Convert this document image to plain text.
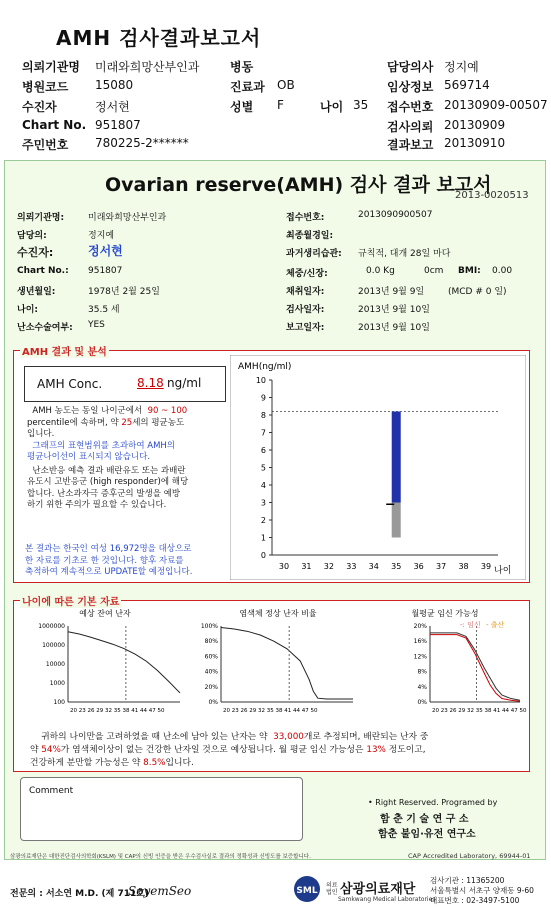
AMH 검사결과보고서
의뢰기관명 미래와희망산부인과	병동	담당의사 정지예
병원코드 15080	진료과 OB	임상정보 569714
수진자	정서현	성별 F	나이 35 접수번호 20130909-00507
Chart No. 951807	검사의뢰 20130909
주민번호 780225-2******	결과보고 20130910
Ovarian reserve(AMH) 검사 결과 보고서
2013-0020513
의뢰기관명:	미래와희망산부인과	접수번호:	2013090900507
담당의:	정지예	최종월경일:
수진자:	정서현	과거생리습관: 규칙적, 대개 28일 마다
Chart No.: 951807	체중/신장:	0.0 Kg	0cm BMI: 0.00
생년월일:	1978년 2월 25일	채취일자:	2013년 9월 9일	(MCD # 0 일)
나이:	35.5 세	검사일자:	2013년 9월 10일
난소수술여부: YES	보고일자:	2013년 9월 10일
AMH 결과 및 분석
AMH Conc.	8.18 ng/ml
AMH 농도는 동일 나이군에서 90 ~ 100
percentile에 속하며, 약 25세의 평균농도
입니다.
그래프의 표현범위를 초과하여 AMH의
평균나이선이 표시되지 않습니다.
난소반응 예측 결과 배란유도 또는 과배란
유도시 고반응군 (high responder)에 해당
합니다. 난소과자극 증후군의 발생을 예방
하기 위한 주의가 필요할 수 있습니다.
본 결과는 한국인 여성 16,972명을 대상으로
한 자료를 기초로 한 것입니다. 향후 자료를
축적하여 계속적으로 UPDATE할 예정입니다.
AMH(ng/ml)
0
1
2
3
4
5
6
7
8
9
10
30 31 32 33 34 35 36 37 38 39 나이
나이에 따른 기본 자료
예상 잔여 난자
1000000
100000
10000
1000
100
20 23 26 29 32 35 38 41 44 47 50
염색체 정상 난자 비율
100%
80%
60%
40%
20%
0%
20 23 26 29 32 35 38 41 44 47 50
월평균 임신 가능성
20%
16%
12%
8%
4%
0%
20 23 26 29 32 35 38 41 44 47 50
-: 임신 - 출산
귀하의 나이만을 고려하였을 때 난소에 남아 있는 난자는 약 33,000개로 추정되며, 배란되는 난자 중
약 54%가 염색체이상이 없는 건강한 난자일 것으로 예상됩니다. 월 평균 임신 가능성은 13% 정도이고,
건강하게 분만할 가능성은 약 8.5%입니다.
Comment
• Right Reserved. Programed by
함 춘 기 술 연 구 소
함춘 불임·유전 연구소
삼광의료재단은 대한진단검사의학회(KSLM) 및 CAP의 신빙 인증을 받은 우수검사실로 결과의 정확성과 신빙도를 보증합니다.	CAP Accredited Laboratory, 69944-01
전문의 : 서소연 M.D. (제 711호)
SoyemSeo	SML
의료법인 삼광의료재단
Samkwang Medical Laboratories
검사기관 : 11365200
서울특별시 서초구 양재동 9-60
대표번호 : 02-3497-5100
